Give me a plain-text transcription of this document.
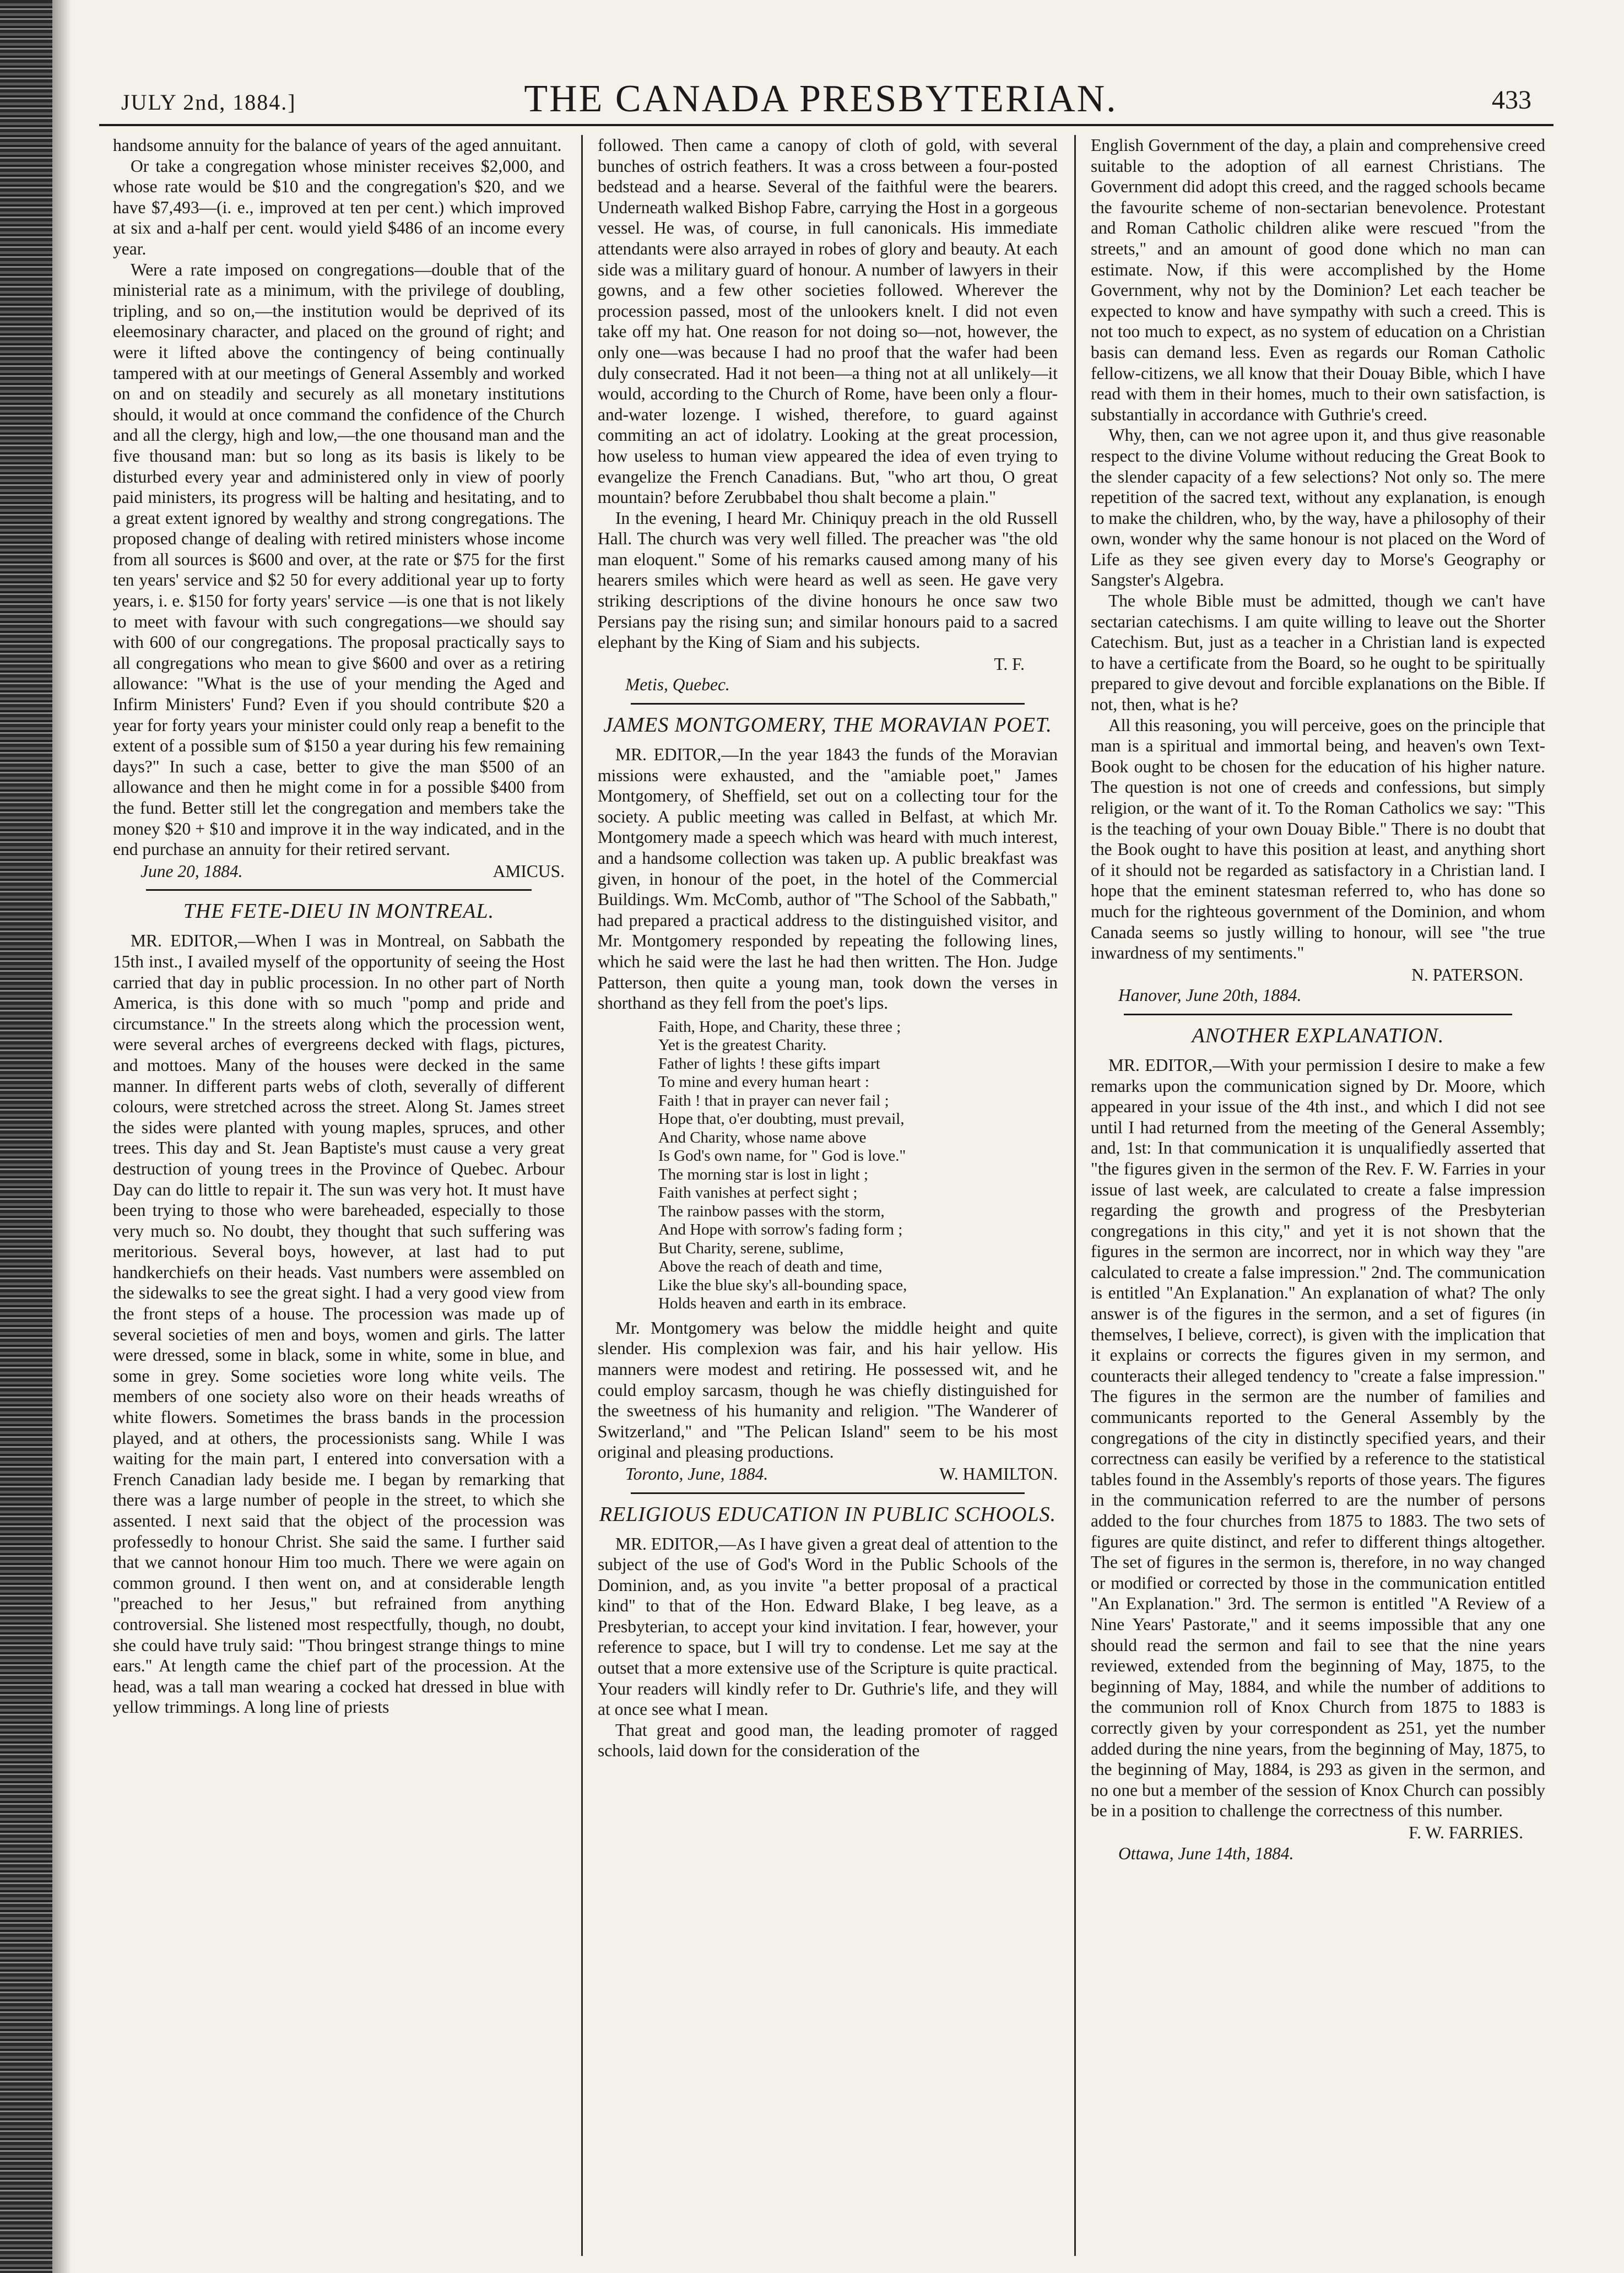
JULY 2nd, 1884.]	THE CANADA PRESBYTERIAN.	433

handsome annuity for the balance of years of the aged annuitant.

Or take a congregation whose minister receives $2,000, and whose rate would be $10 and the congregation's $20, and we have $7,493—(i. e., improved at ten per cent.) which improved at six and a-half per cent. would yield $486 of an income every year.

Were a rate imposed on congregations—double that of the ministerial rate as a minimum, with the privilege of doubling, tripling, and so on,—the institution would be deprived of its eleemosinary character, and placed on the ground of right; and were it lifted above the contingency of being continually tampered with at our meetings of General Assembly and worked on and on steadily and securely as all monetary institutions should, it would at once command the confidence of the Church and all the clergy, high and low,—the one thousand man and the five thousand man: but so long as its basis is likely to be disturbed every year and administered only in view of poorly paid ministers, its progress will be halting and hesitating, and to a great extent ignored by wealthy and strong congregations. The proposed change of dealing with retired ministers whose income from all sources is $600 and over, at the rate or $75 for the first ten years' service and $2 50 for every additional year up to forty years, i. e. $150 for forty years' service —is one that is not likely to meet with favour with such congregations—we should say with 600 of our congregations. The proposal practically says to all congregations who mean to give $600 and over as a retiring allowance: "What is the use of your mending the Aged and Infirm Ministers' Fund? Even if you should contribute $20 a year for forty years your minister could only reap a benefit to the extent of a possible sum of $150 a year during his few remaining days?" In such a case, better to give the man $500 of an allowance and then he might come in for a possible $400 from the fund. Better still let the congregation and members take the money $20 + $10 and improve it in the way indicated, and in the end purchase an annuity for their retired servant.

June 20, 1884.	AMICUS.
THE FETE-DIEU IN MONTREAL.

MR. EDITOR,—When I was in Montreal, on Sabbath the 15th inst., I availed myself of the opportunity of seeing the Host carried that day in public procession. In no other part of North America, is this done with so much "pomp and pride and circumstance." In the streets along which the procession went, were several arches of evergreens decked with flags, pictures, and mottoes. Many of the houses were decked in the same manner. In different parts webs of cloth, severally of different colours, were stretched across the street. Along St. James street the sides were planted with young maples, spruces, and other trees. This day and St. Jean Baptiste's must cause a very great destruction of young trees in the Province of Quebec. Arbour Day can do little to repair it. The sun was very hot. It must have been trying to those who were bareheaded, especially to those very much so. No doubt, they thought that such suffering was meritorious. Several boys, however, at last had to put handkerchiefs on their heads. Vast numbers were assembled on the sidewalks to see the great sight. I had a very good view from the front steps of a house. The procession was made up of several societies of men and boys, women and girls. The latter were dressed, some in black, some in white, some in blue, and some in grey. Some societies wore long white veils. The members of one society also wore on their heads wreaths of white flowers. Sometimes the brass bands in the procession played, and at others, the processionists sang. While I was waiting for the main part, I entered into conversation with a French Canadian lady beside me. I began by remarking that there was a large number of people in the street, to which she assented. I next said that the object of the procession was professedly to honour Christ. She said the same. I further said that we cannot honour Him too much. There we were again on common ground. I then went on, and at considerable length "preached to her Jesus," but refrained from anything controversial. She listened most respectfully, though, no doubt, she could have truly said: "Thou bringest strange things to mine ears." At length came the chief part of the procession. At the head, was a tall man wearing a cocked hat dressed in blue with yellow trimmings. A long line of priests

followed. Then came a canopy of cloth of gold, with several bunches of ostrich feathers. It was a cross between a four-posted bedstead and a hearse. Several of the faithful were the bearers. Underneath walked Bishop Fabre, carrying the Host in a gorgeous vessel. He was, of course, in full canonicals. His immediate attendants were also arrayed in robes of glory and beauty. At each side was a military guard of honour. A number of lawyers in their gowns, and a few other societies followed. Wherever the procession passed, most of the unlookers knelt. I did not even take off my hat. One reason for not doing so—not, however, the only one—was because I had no proof that the wafer had been duly consecrated. Had it not been—a thing not at all unlikely—it would, according to the Church of Rome, have been only a flour-and-water lozenge. I wished, therefore, to guard against commiting an act of idolatry. Looking at the great procession, how useless to human view appeared the idea of even trying to evangelize the French Canadians. But, "who art thou, O great mountain? before Zerubbabel thou shalt become a plain."

In the evening, I heard Mr. Chiniquy preach in the old Russell Hall. The church was very well filled. The preacher was "the old man eloquent." Some of his remarks caused among many of his hearers smiles which were heard as well as seen. He gave very striking descriptions of the divine honours he once saw two Persians pay the rising sun; and similar honours paid to a sacred elephant by the King of Siam and his subjects.

T. F.
Metis, Quebec.
JAMES MONTGOMERY, THE MORAVIAN POET.

MR. EDITOR,—In the year 1843 the funds of the Moravian missions were exhausted, and the "amiable poet," James Montgomery, of Sheffield, set out on a collecting tour for the society. A public meeting was called in Belfast, at which Mr. Montgomery made a speech which was heard with much interest, and a handsome collection was taken up. A public breakfast was given, in honour of the poet, in the hotel of the Commercial Buildings. Wm. McComb, author of "The School of the Sabbath," had prepared a practical address to the distinguished visitor, and Mr. Montgomery responded by repeating the following lines, which he said were the last he had then written. The Hon. Judge Patterson, then quite a young man, took down the verses in shorthand as they fell from the poet's lips.

Faith, Hope, and Charity, these three ;
Yet is the greatest Charity.
Father of lights ! these gifts impart
To mine and every human heart :
Faith ! that in prayer can never fail ;
Hope that, o'er doubting, must prevail,
And Charity, whose name above
Is God's own name, for " God is love."
The morning star is lost in light ;
Faith vanishes at perfect sight ;
The rainbow passes with the storm,
And Hope with sorrow's fading form ;
But Charity, serene, sublime,
Above the reach of death and time,
Like the blue sky's all-bounding space,
Holds heaven and earth in its embrace.

Mr. Montgomery was below the middle height and quite slender. His complexion was fair, and his hair yellow. His manners were modest and retiring. He possessed wit, and he could employ sarcasm, though he was chiefly distinguished for the sweetness of his humanity and religion. "The Wanderer of Switzerland," and "The Pelican Island" seem to be his most original and pleasing productions.

Toronto, June, 1884.	W. HAMILTON.
RELIGIOUS EDUCATION IN PUBLIC SCHOOLS.

MR. EDITOR,—As I have given a great deal of attention to the subject of the use of God's Word in the Public Schools of the Dominion, and, as you invite "a better proposal of a practical kind" to that of the Hon. Edward Blake, I beg leave, as a Presbyterian, to accept your kind invitation. I fear, however, your reference to space, but I will try to condense. Let me say at the outset that a more extensive use of the Scripture is quite practical. Your readers will kindly refer to Dr. Guthrie's life, and they will at once see what I mean.

That great and good man, the leading promoter of ragged schools, laid down for the consideration of the

English Government of the day, a plain and comprehensive creed suitable to the adoption of all earnest Christians. The Government did adopt this creed, and the ragged schools became the favourite scheme of non-sectarian benevolence. Protestant and Roman Catholic children alike were rescued "from the streets," and an amount of good done which no man can estimate. Now, if this were accomplished by the Home Government, why not by the Dominion? Let each teacher be expected to know and have sympathy with such a creed. This is not too much to expect, as no system of education on a Christian basis can demand less. Even as regards our Roman Catholic fellow-citizens, we all know that their Douay Bible, which I have read with them in their homes, much to their own satisfaction, is substantially in accordance with Guthrie's creed.

Why, then, can we not agree upon it, and thus give reasonable respect to the divine Volume without reducing the Great Book to the slender capacity of a few selections? Not only so. The mere repetition of the sacred text, without any explanation, is enough to make the children, who, by the way, have a philosophy of their own, wonder why the same honour is not placed on the Word of Life as they see given every day to Morse's Geography or Sangster's Algebra.

The whole Bible must be admitted, though we can't have sectarian catechisms. I am quite willing to leave out the Shorter Catechism. But, just as a teacher in a Christian land is expected to have a certificate from the Board, so he ought to be spiritually prepared to give devout and forcible explanations on the Bible. If not, then, what is he?

All this reasoning, you will perceive, goes on the principle that man is a spiritual and immortal being, and heaven's own Text-Book ought to be chosen for the education of his higher nature. The question is not one of creeds and confessions, but simply religion, or the want of it. To the Roman Catholics we say: "This is the teaching of your own Douay Bible." There is no doubt that the Book ought to have this position at least, and anything short of it should not be regarded as satisfactory in a Christian land. I hope that the eminent statesman referred to, who has done so much for the righteous government of the Dominion, and whom Canada seems so justly willing to honour, will see "the true inwardness of my sentiments."

N. PATERSON.
Hanover, June 20th, 1884.
ANOTHER EXPLANATION.

MR. EDITOR,—With your permission I desire to make a few remarks upon the communication signed by Dr. Moore, which appeared in your issue of the 4th inst., and which I did not see until I had returned from the meeting of the General Assembly; and, 1st: In that communication it is unqualifiedly asserted that "the figures given in the sermon of the Rev. F. W. Farries in your issue of last week, are calculated to create a false impression regarding the growth and progress of the Presbyterian congregations in this city," and yet it is not shown that the figures in the sermon are incorrect, nor in which way they "are calculated to create a false impression." 2nd. The communication is entitled "An Explanation." An explanation of what? The only answer is of the figures in the sermon, and a set of figures (in themselves, I believe, correct), is given with the implication that it explains or corrects the figures given in my sermon, and counteracts their alleged tendency to "create a false impression." The figures in the sermon are the number of families and communicants reported to the General Assembly by the congregations of the city in distinctly specified years, and their correctness can easily be verified by a reference to the statistical tables found in the Assembly's reports of those years. The figures in the communication referred to are the number of persons added to the four churches from 1875 to 1883. The two sets of figures are quite distinct, and refer to different things altogether. The set of figures in the sermon is, therefore, in no way changed or modified or corrected by those in the communication entitled "An Explanation." 3rd. The sermon is entitled "A Review of a Nine Years' Pastorate," and it seems impossible that any one should read the sermon and fail to see that the nine years reviewed, extended from the beginning of May, 1875, to the beginning of May, 1884, and while the number of additions to the communion roll of Knox Church from 1875 to 1883 is correctly given by your correspondent as 251, yet the number added during the nine years, from the beginning of May, 1875, to the beginning of May, 1884, is 293 as given in the sermon, and no one but a member of the session of Knox Church can possibly be in a position to challenge the correctness of this number.

F. W. FARRIES.
Ottawa, June 14th, 1884.
